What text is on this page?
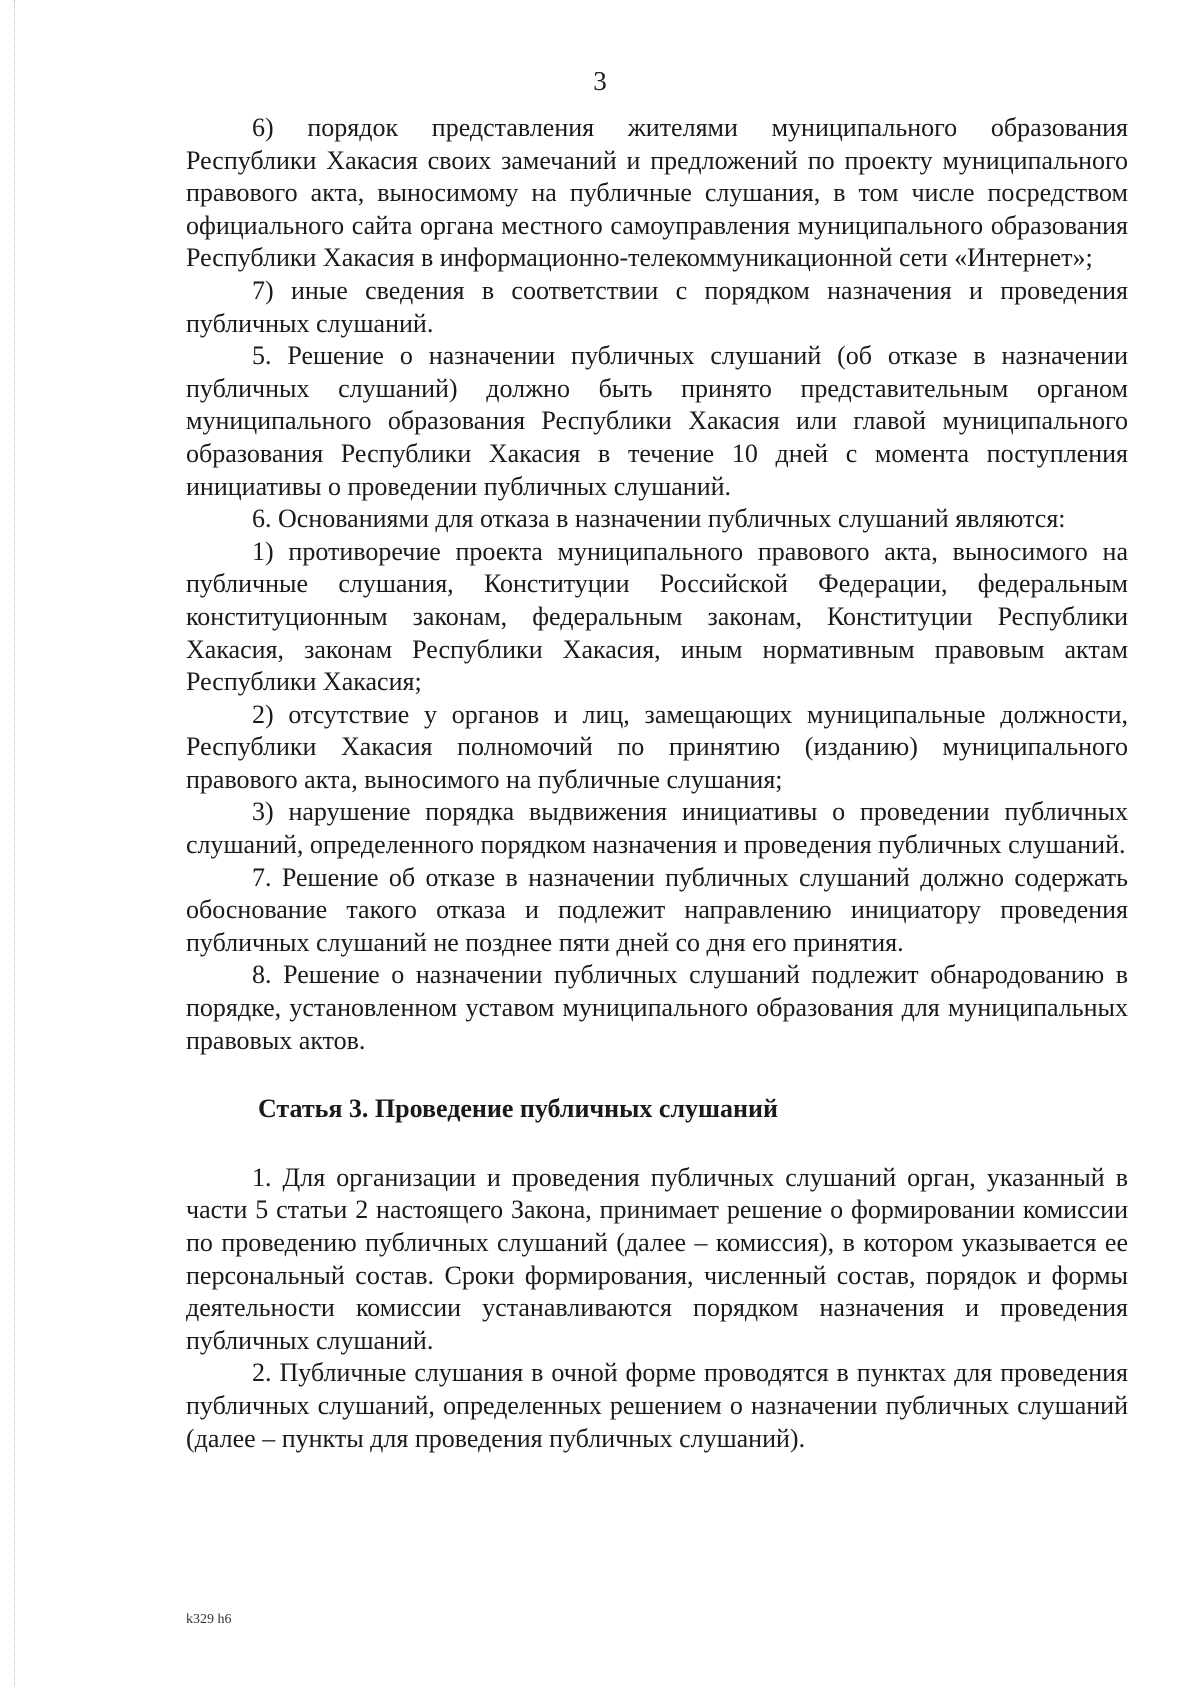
3

6) порядок представления жителями муниципального образования Республики Хакасия своих замечаний и предложений по проекту муниципального правового акта, выносимому на публичные слушания, в том числе посредством официального сайта органа местного самоуправления муниципального образования Республики Хакасия в информационно-телекоммуникационной сети «Интернет»;

7) иные сведения в соответствии с порядком назначения и проведения публичных слушаний.

5. Решение о назначении публичных слушаний (об отказе в назначении публичных слушаний) должно быть принято представительным органом муниципального образования Республики Хакасия или главой муниципального образования Республики Хакасия в течение 10 дней с момента поступления инициативы о проведении публичных слушаний.

6. Основаниями для отказа в назначении публичных слушаний являются:

1) противоречие проекта муниципального правового акта, выносимого на публичные слушания, Конституции Российской Федерации, федеральным конституционным законам, федеральным законам, Конституции Республики Хакасия, законам Республики Хакасия, иным нормативным правовым актам Республики Хакасия;

2) отсутствие у органов и лиц, замещающих муниципальные должности, Республики Хакасия полномочий по принятию (изданию) муниципального правового акта, выносимого на публичные слушания;

3) нарушение порядка выдвижения инициативы о проведении публичных слушаний, определенного порядком назначения и проведения публичных слушаний.

7. Решение об отказе в назначении публичных слушаний должно содержать обоснование такого отказа и подлежит направлению инициатору проведения публичных слушаний не позднее пяти дней со дня его принятия.

8. Решение о назначении публичных слушаний подлежит обнародованию в порядке, установленном уставом муниципального образования для муниципальных правовых актов.

Статья 3. Проведение публичных слушаний

1. Для организации и проведения публичных слушаний орган, указанный в части 5 статьи 2 настоящего Закона, принимает решение о формировании комиссии по проведению публичных слушаний (далее – комиссия), в котором указывается ее персональный состав. Сроки формирования, численный состав, порядок и формы деятельности комиссии устанавливаются порядком назначения и проведения публичных слушаний.

2. Публичные слушания в очной форме проводятся в пунктах для проведения публичных слушаний, определенных решением о назначении публичных слушаний (далее – пункты для проведения публичных слушаний).

k329 h6
